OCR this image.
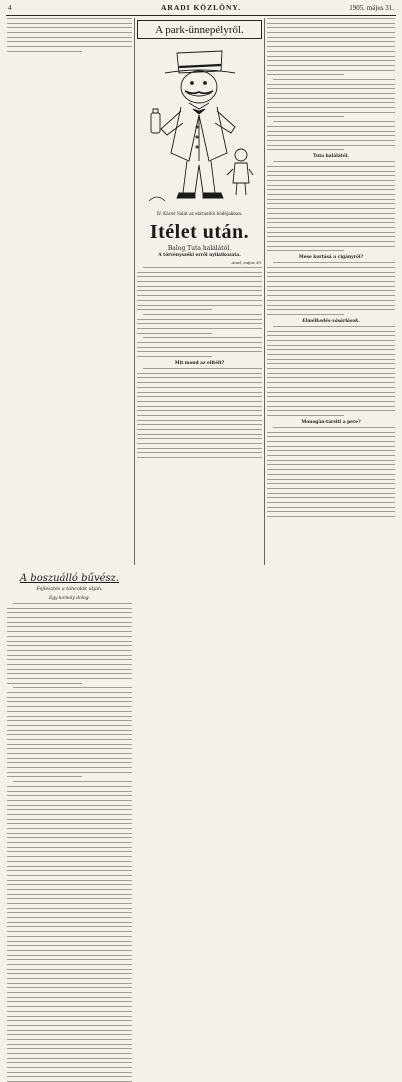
4	ARADI KÖZLÖNY.	1905. május 31.
A boszuálló bűvész.
Fejlesztés a táncolók útján.
Egy komoly dolog.
A park-ünnepélyről.
IV. Kácér Salát az elárusítói bódéjakban.
Itélet után.
Balog Tuta halálától.
A törvényszéki erről nyilatkozata.
Arad, május 30.
Mit mond az elitélt?
Tuta halálától.
Mese kortásá a cigányról?
Elmélkedés-vásárlások.
Monogán-társiti a pere?
